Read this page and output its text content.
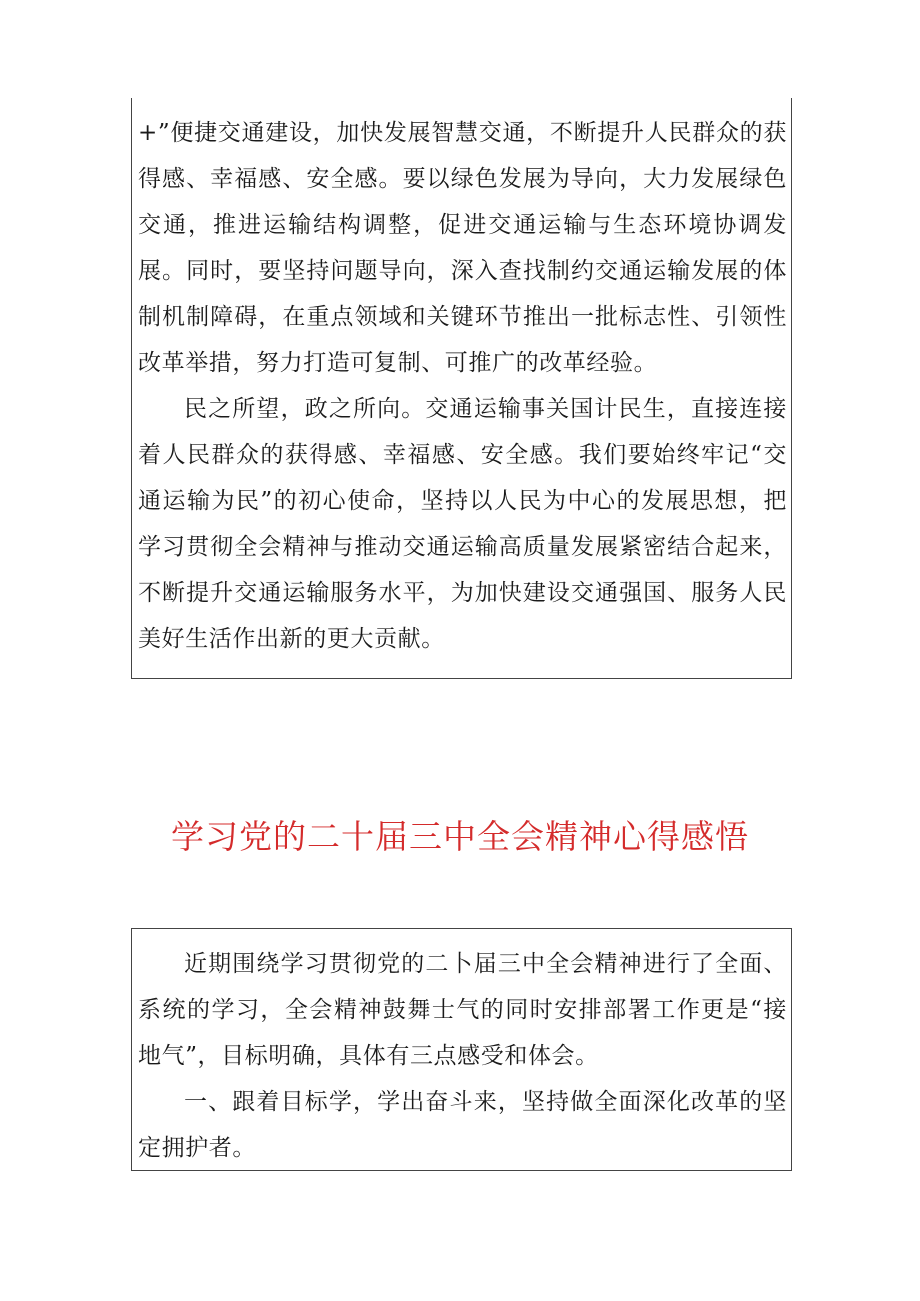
+”便捷交通建设，加快发展智慧交通，不断提升人民群众的获得感、幸福感、安全感。要以绿色发展为导向，大力发展绿色交通，推进运输结构调整，促进交通运输与生态环境协调发展。同时，要坚持问题导向，深入查找制约交通运输发展的体制机制障碍，在重点领域和关键环节推出一批标志性、引领性改革举措，努力打造可复制、可推广的改革经验。

民之所望，政之所向。交通运输事关国计民生，直接连接着人民群众的获得感、幸福感、安全感。我们要始终牢记“交通运输为民”的初心使命，坚持以人民为中心的发展思想，把学习贯彻全会精神与推动交通运输高质量发展紧密结合起来，不断提升交通运输服务水平，为加快建设交通强国、服务人民美好生活作出新的更大贡献。

学习党的二十届三中全会精神心得感悟

近期围绕学习贯彻党的二卜届三中全会精神进行了全面、系统的学习，全会精神鼓舞士气的同时安排部署工作更是“接地气”，目标明确，具体有三点感受和体会。

一、跟着目标学，学出奋斗来，坚持做全面深化改革的坚定拥护者。
